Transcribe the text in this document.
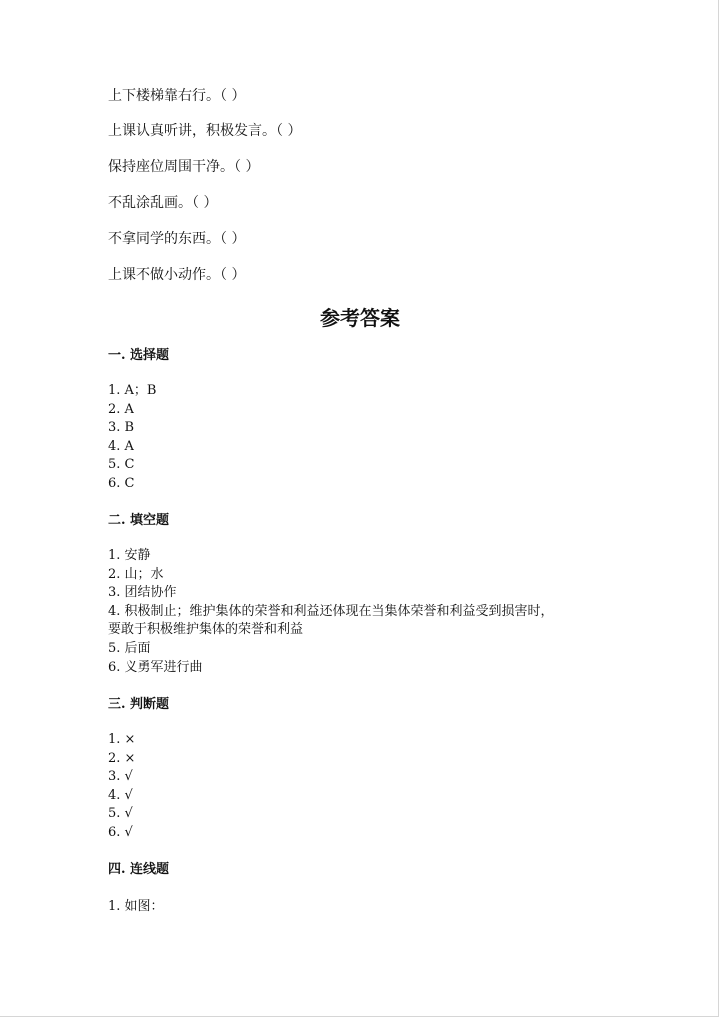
上下楼梯靠右行。（ ）
上课认真听讲，积极发言。（ ）
保持座位周围干净。（ ）
不乱涂乱画。（ ）
不拿同学的东西。（ ）
上课不做小动作。（ ）
参考答案
一. 选择题
1. A；B
2. A
3. B
4. A
5. C
6. C
二. 填空题
1. 安静
2. 山；水
3. 团结协作
4. 积极制止；维护集体的荣誉和利益还体现在当集体荣誉和利益受到损害时，
要敢于积极维护集体的荣誉和利益
5. 后面
6. 义勇军进行曲
三. 判断题
1. ×
2. ×
3. √
4. √
5. √
6. √
四. 连线题
1. 如图：
